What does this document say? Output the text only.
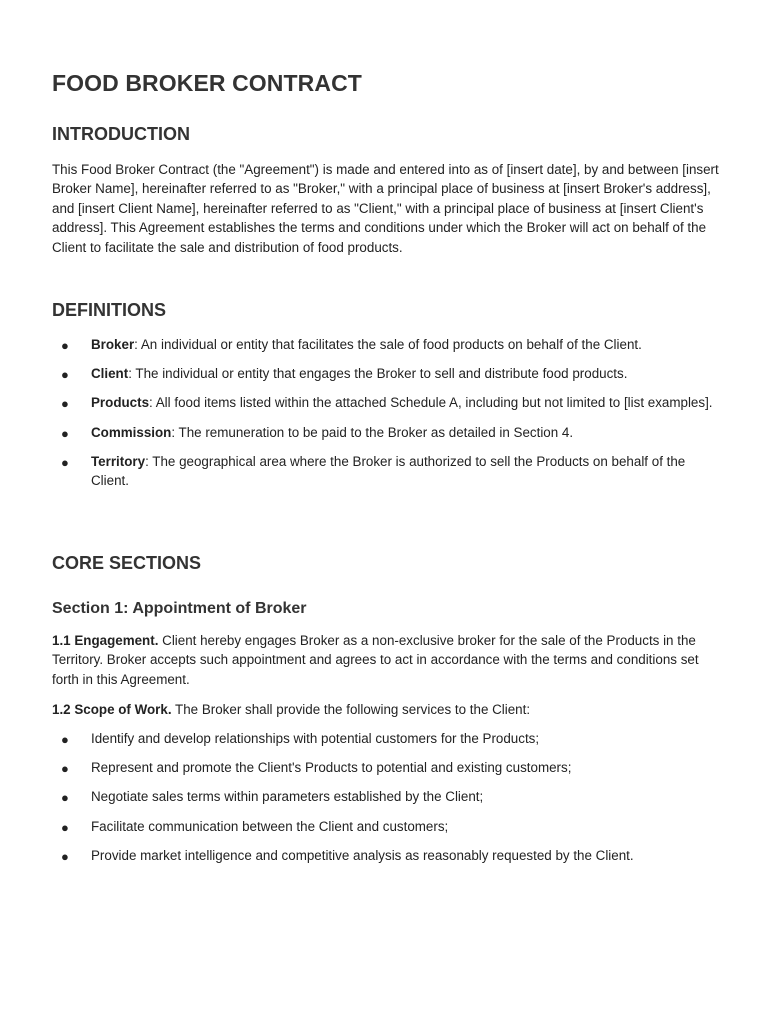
FOOD BROKER CONTRACT
INTRODUCTION

This Food Broker Contract (the "Agreement") is made and entered into as of [insert date], by and between [insert Broker Name], hereinafter referred to as "Broker," with a principal place of business at [insert Broker's address], and [insert Client Name], hereinafter referred to as "Client," with a principal place of business at [insert Client's address]. This Agreement establishes the terms and conditions under which the Broker will act on behalf of the Client to facilitate the sale and distribution of food products.

DEFINITIONS
● Broker: An individual or entity that facilitates the sale of food products on behalf of the Client.
● Client: The individual or entity that engages the Broker to sell and distribute food products.
● Products: All food items listed within the attached Schedule A, including but not limited to [list examples].
● Commission: The remuneration to be paid to the Broker as detailed in Section 4.
● Territory: The geographical area where the Broker is authorized to sell the Products on behalf of the Client.
CORE SECTIONS
Section 1: Appointment of Broker

1.1 Engagement. Client hereby engages Broker as a non-exclusive broker for the sale of the Products in the Territory. Broker accepts such appointment and agrees to act in accordance with the terms and conditions set forth in this Agreement.

1.2 Scope of Work. The Broker shall provide the following services to the Client:

● Identify and develop relationships with potential customers for the Products;
● Represent and promote the Client's Products to potential and existing customers;
● Negotiate sales terms within parameters established by the Client;
● Facilitate communication between the Client and customers;
● Provide market intelligence and competitive analysis as reasonably requested by the Client.
